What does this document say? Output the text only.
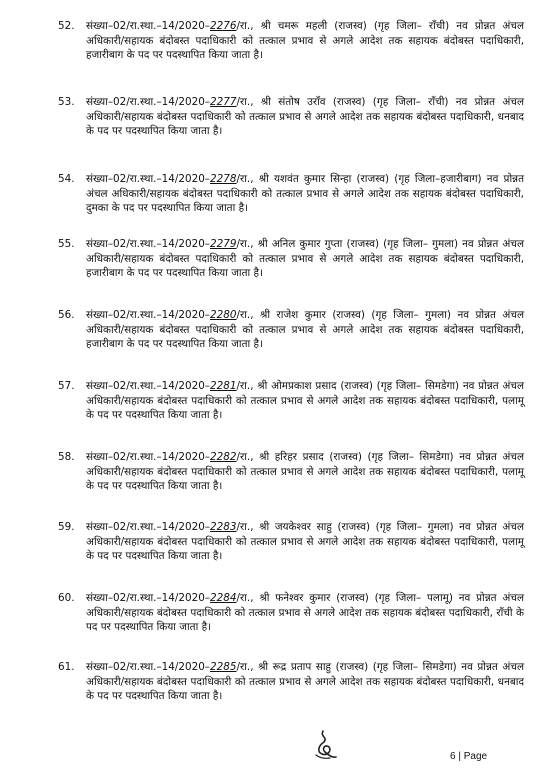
52.	संख्या–02/रा.स्था.–14/2020–2276/रा., श्री चमरू महली (राजस्व) (गृह जिला– राँची) नव प्रोन्नत अंचल अधिकारी/सहायक बंदोबस्त पदाधिकारी को तत्काल प्रभाव से अगले आदेश तक सहायक बंदोबस्त पदाधिकारी, हजारीबाग के पद पर पदस्थापित किया जाता है।
53.	संख्या–02/रा.स्था.–14/2020–2277/रा., श्री संतोष उराँव (राजस्व) (गृह जिला– राँची) नव प्रोन्नत अंचल अधिकारी/सहायक बंदोबस्त पदाधिकारी को तत्काल प्रभाव से अगले आदेश तक सहायक बंदोबस्त पदाधिकारी, धनबाद के पद पर पदस्थापित किया जाता है।
54.	संख्या–02/रा.स्था.–14/2020–2278/रा., श्री यशवंत कुमार सिन्हा (राजस्व) (गृह जिला–हजारीबाग) नव प्रोन्नत अंचल अधिकारी/सहायक बंदोबस्त पदाधिकारी को तत्काल प्रभाव से अगले आदेश तक सहायक बंदोबस्त पदाधिकारी, दुमका के पद पर पदस्थापित किया जाता है।
55.	संख्या–02/रा.स्था.–14/2020–2279/रा., श्री अनिल कुमार गुप्ता (राजस्व) (गृह जिला– गुमला) नव प्रोन्नत अंचल अधिकारी/सहायक बंदोबस्त पदाधिकारी को तत्काल प्रभाव से अगले आदेश तक सहायक बंदोबस्त पदाधिकारी, हजारीबाग के पद पर पदस्थापित किया जाता है।
56.	संख्या–02/रा.स्था.–14/2020–2280/रा., श्री राजेश कुमार (राजस्व) (गृह जिला– गुमला) नव प्रोन्नत अंचल अधिकारी/सहायक बंदोबस्त पदाधिकारी को तत्काल प्रभाव से अगले आदेश तक सहायक बंदोबस्त पदाधिकारी, हजारीबाग के पद पर पदस्थापित किया जाता है।
57.	संख्या–02/रा.स्था.–14/2020–2281/रा., श्री ओमप्रकाश प्रसाद (राजस्व) (गृह जिला– सिमडेगा) नव प्रोन्नत अंचल अधिकारी/सहायक बंदोबस्त पदाधिकारी को तत्काल प्रभाव से अगले आदेश तक सहायक बंदोबस्त पदाधिकारी, पलामू के पद पर पदस्थापित किया जाता है।
58.	संख्या–02/रा.स्था.–14/2020–2282/रा., श्री हरिहर प्रसाद (राजस्व) (गृह जिला– सिमडेगा) नव प्रोन्नत अंचल अधिकारी/सहायक बंदोबस्त पदाधिकारी को तत्काल प्रभाव से अगले आदेश तक सहायक बंदोबस्त पदाधिकारी, पलामू के पद पर पदस्थापित किया जाता है।
59.	संख्या–02/रा.स्था.–14/2020–2283/रा., श्री जयकेश्वर साहु (राजस्व) (गृह जिला– गुमला) नव प्रोन्नत अंचल अधिकारी/सहायक बंदोबस्त पदाधिकारी को तत्काल प्रभाव से अगले आदेश तक सहायक बंदोबस्त पदाधिकारी, पलामू के पद पर पदस्थापित किया जाता है।
60.	संख्या–02/रा.स्था.–14/2020–2284/रा., श्री फनेश्वर कुमार (राजस्व) (गृह जिला– पलामू) नव प्रोन्नत अंचल अधिकारी/सहायक बंदोबस्त पदाधिकारी को तत्काल प्रभाव से अगले आदेश तक सहायक बंदोबस्त पदाधिकारी, राँची के पद पर पदस्थापित किया जाता है।
61.	संख्या–02/रा.स्था.–14/2020–2285/रा., श्री रूद्र प्रताप साहु (राजस्व) (गृह जिला– सिमडेगा) नव प्रोन्नत अंचल अधिकारी/सहायक बंदोबस्त पदाधिकारी को तत्काल प्रभाव से अगले आदेश तक सहायक बंदोबस्त पदाधिकारी, धनबाद के पद पर पदस्थापित किया जाता है।
6 | Page
